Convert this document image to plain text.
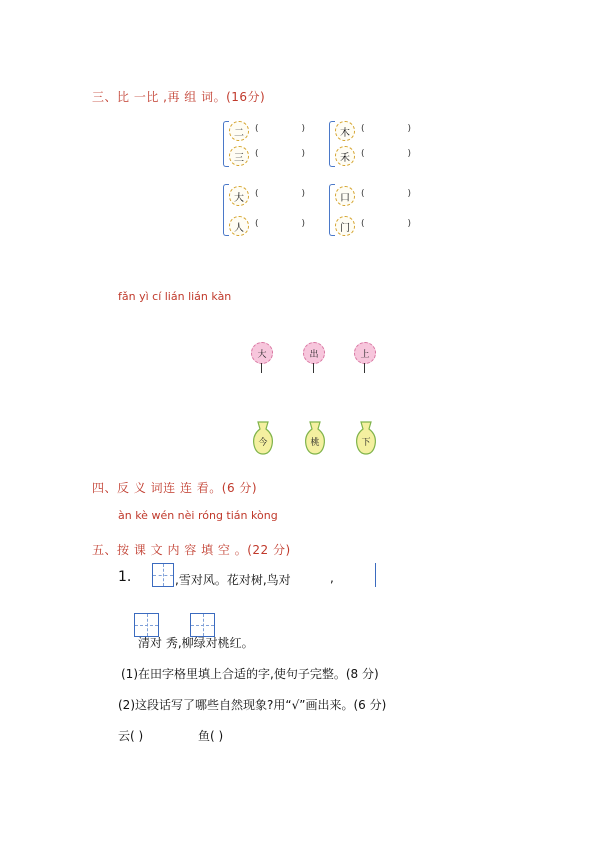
三、比 一比 ,再 组 词。(16分)
二	(	)
三	(	)
木	(	)
禾	(	)
大	(	)
人	(	)
口	(	)
门	(	)
fǎn yì cí lián lián kàn
大	出	上
今	桃	下
四、反 义 词连 连 看。(6 分)
àn kè wén nèi róng tián kòng
五、按 课 文 内 容 填 空 。(22 分)
1.	,雪对风。花对树,鸟对	,
清对 秀,柳绿对桃红。
(1)在田字格里填上合适的字,使句子完整。(8 分)
(2)这段话写了哪些自然现象?用“√”画出来。(6 分)
云( )	鱼( )
